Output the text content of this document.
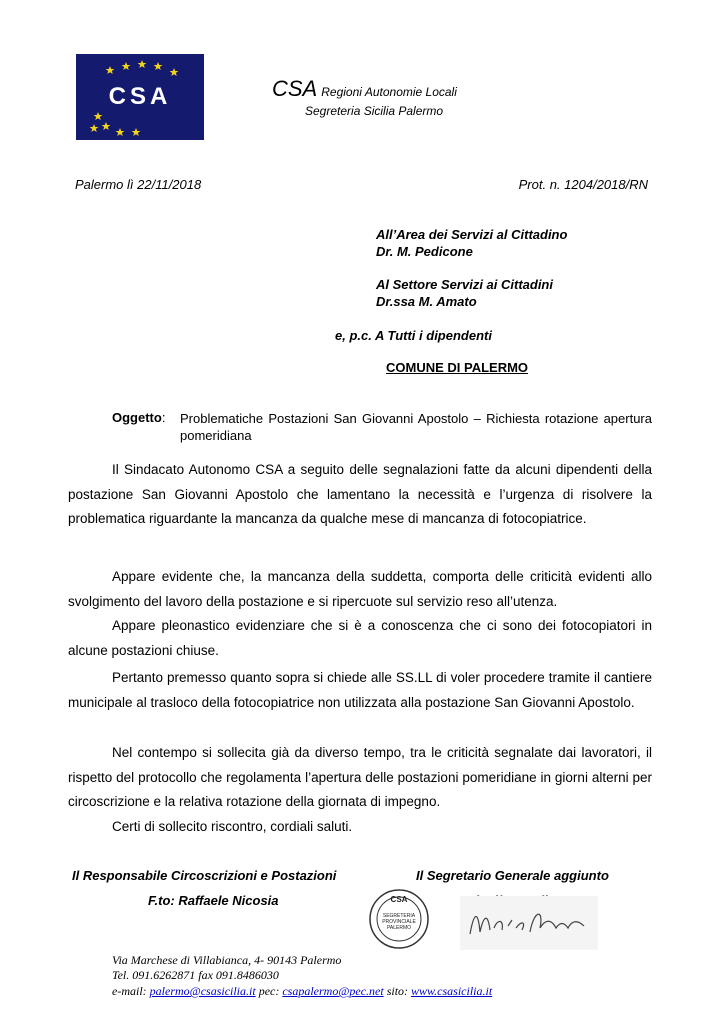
CSA	CSA Regioni Autonomie Locali
Segreteria Sicilia Palermo
Palermo lì 22/11/2018	Prot. n. 1204/2018/RN
All’Area dei Servizi al Cittadino
Dr. M. Pedicone
Al Settore Servizi ai Cittadini
Dr.ssa M. Amato
e, p.c. A Tutti i dipendenti
COMUNE DI PALERMO
Oggetto: Problematiche Postazioni San Giovanni Apostolo – Richiesta rotazione apertura pomeridiana
Il Sindacato Autonomo CSA a seguito delle segnalazioni fatte da alcuni dipendenti della postazione San Giovanni Apostolo che lamentano la necessità e l’urgenza di risolvere la problematica riguardante la mancanza da qualche mese di mancanza di fotocopiatrice.
Appare evidente che, la mancanza della suddetta, comporta delle criticità evidenti allo svolgimento del lavoro della postazione e si ripercuote sul servizio reso all’utenza.
Appare pleonastico evidenziare che si è a conoscenza che ci sono dei fotocopiatori in alcune postazioni chiuse.
Pertanto premesso quanto sopra si chiede alle SS.LL di voler procedere tramite il cantiere municipale al trasloco della fotocopiatrice non utilizzata alla postazione San Giovanni Apostolo.
Nel contempo si sollecita già da diverso tempo, tra le criticità segnalate dai lavoratori, il rispetto del protocollo che regolamenta l’apertura delle postazioni pomeridiane in giorni alterni per circoscrizione e la relativa rotazione della giornata di impegno.
Certi di sollecito riscontro, cordiali saluti.
Il Responsabile Circoscrizioni e Postazioni
F.to: Raffaele Nicosia
Il Segretario Generale aggiunto
CSA
SEGRETERIA
PROVINCIALE
PALERMO
Via Marchese di Villabianca, 4- 90143 Palermo
Tel. 091.6262871 fax 091.8486030
e-mail: palermo@csasicilia.it pec: csapalermo@pec.net sito: www.csasicilia.it
